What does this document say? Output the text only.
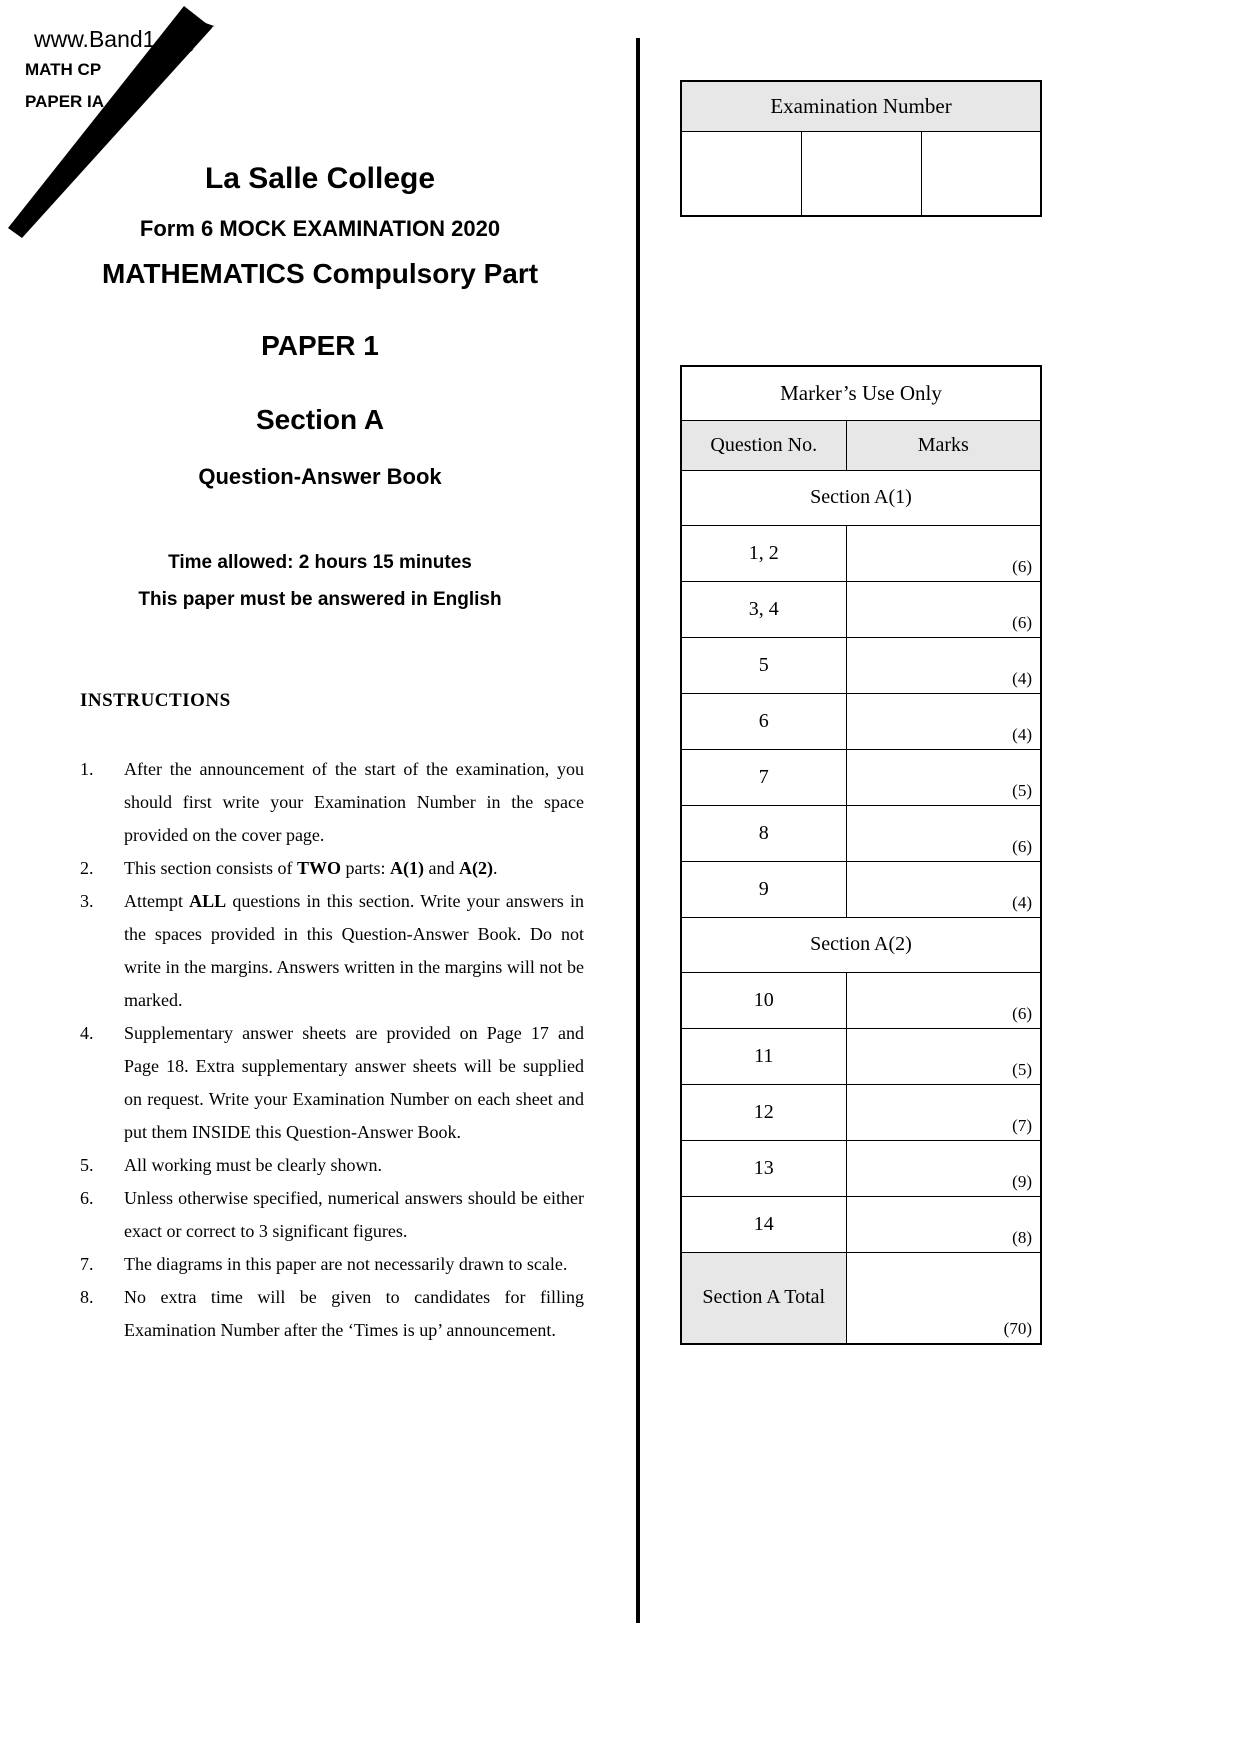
www.Band1.org
MATH CP
PAPER IA
La Salle College
Form 6 MOCK EXAMINATION 2020
MATHEMATICS Compulsory Part
PAPER 1
Section A
Question-Answer Book
Time allowed: 2 hours 15 minutes
This paper must be answered in English
INSTRUCTIONS
1.	After the announcement of the start of the examination, you should first write your Examination Number in the space provided on the cover page.
2.	This section consists of TWO parts: A(1) and A(2).
3.	Attempt ALL questions in this section. Write your answers in the spaces provided in this Question-Answer Book. Do not write in the margins. Answers written in the margins will not be marked.
4.	Supplementary answer sheets are provided on Page 17 and Page 18. Extra supplementary answer sheets will be supplied on request. Write your Examination Number on each sheet and put them INSIDE this Question-Answer Book.
5.	All working must be clearly shown.
6.	Unless otherwise specified, numerical answers should be either exact or correct to 3 significant figures.
7.	The diagrams in this paper are not necessarily drawn to scale.
8.	No extra time will be given to candidates for filling Examination Number after the ‘Times is up’ announcement.
Examination Number

Marker’s Use Only	
Question No.	Marks
Section A(1)	
1, 2	(6)

3, 4	(6)

5	(4)

6	(4)

7	(5)

8	(6)

9	(4)

Section A(2)	
10	(6)

11	(5)

12	(7)

13	(9)

14	(8)

Section A Total	(70)
